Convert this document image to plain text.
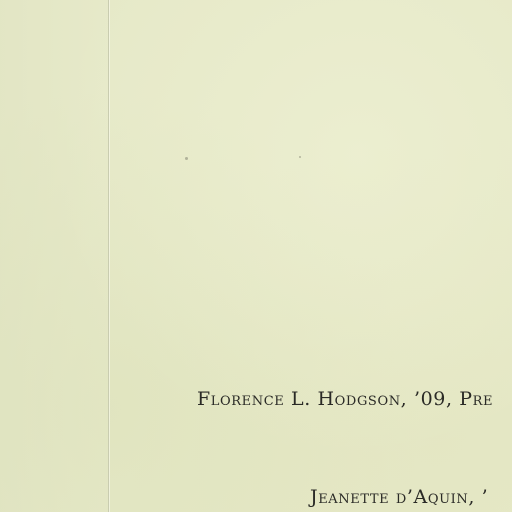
Florence L. Hodgson, ’09, Pre
Jeanette d’Aquin, ’
